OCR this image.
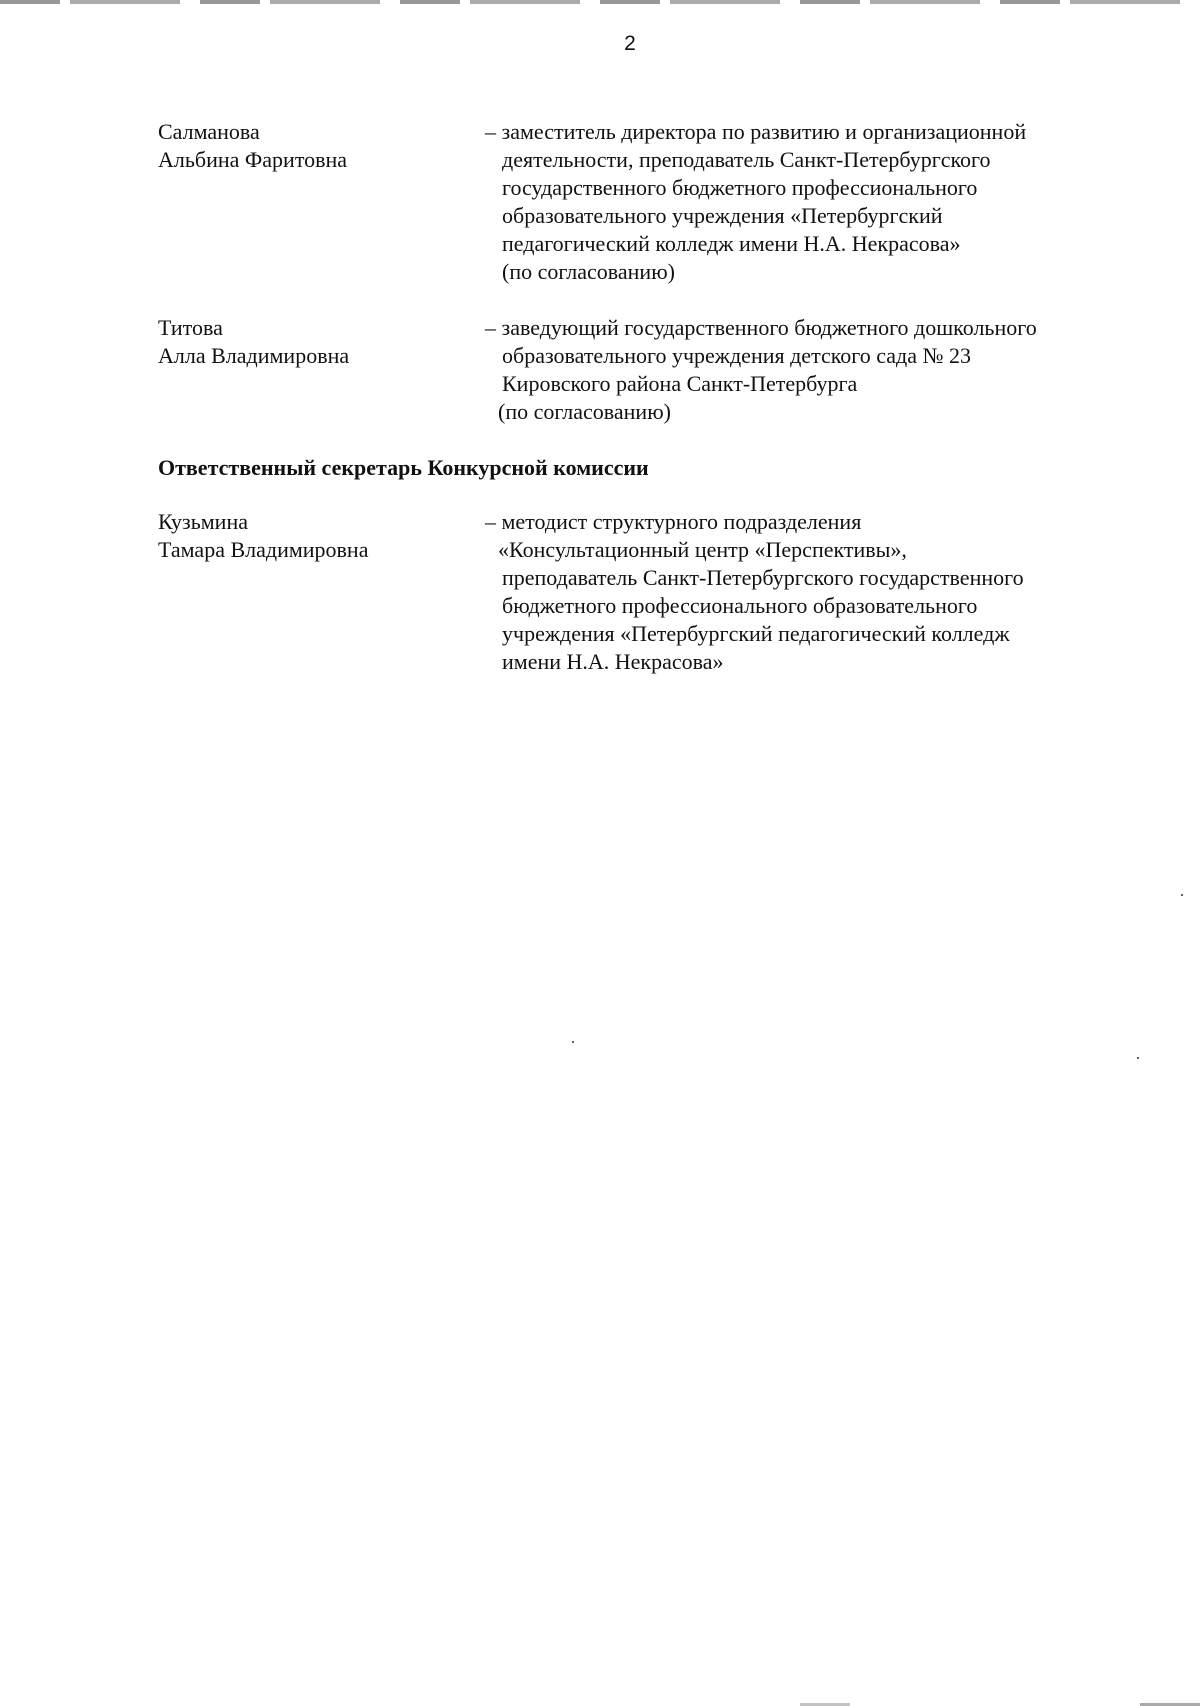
2
Салманова
Альбина Фаритовна
– заместитель директора по развитию и организационной
деятельности, преподаватель Санкт-Петербургского
государственного бюджетного профессионального
образовательного учреждения «Петербургский
педагогический колледж имени Н.А. Некрасова»
(по согласованию)
Титова
Алла Владимировна
– заведующий государственного бюджетного дошкольного
образовательного учреждения детского сада № 23
Кировского района Санкт-Петербурга
(по согласованию)
Ответственный секретарь Конкурсной комиссии
Кузьмина
Тамара Владимировна
– методист структурного подразделения
«Консультационный центр «Перспективы»,
преподаватель Санкт-Петербургского государственного
бюджетного профессионального образовательного
учреждения «Петербургский педагогический колледж
имени Н.А. Некрасова»
